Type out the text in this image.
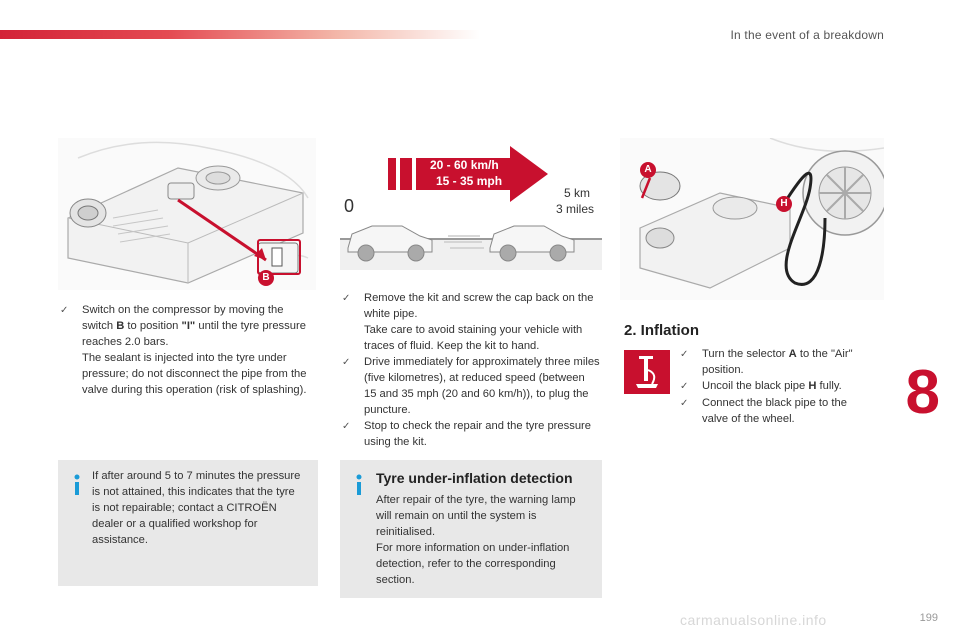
In the event of a breakdown
B
20 - 60 km/h
15 - 35 mph
0
5 km
3 miles
A
H
✓	Switch on the compressor by moving the switch B to position "I" until the tyre pressure reaches 2.0 bars.
The sealant is injected into the tyre under pressure; do not disconnect the pipe from the valve during this operation (risk of splashing).
If after around 5 to 7 minutes the pressure is not attained, this indicates that the tyre is not repairable; contact a CITROËN dealer or a qualified workshop for assistance.
✓	Remove the kit and screw the cap back on the white pipe.
Take care to avoid staining your vehicle with traces of fluid. Keep the kit to hand.
✓	Drive immediately for approximately three miles (five kilometres), at reduced speed (between 15 and 35 mph (20 and 60 km/h)), to plug the puncture.
✓	Stop to check the repair and the tyre pressure using the kit.
Tyre under-inflation detection
After repair of the tyre, the warning lamp will remain on until the system is reinitialised.
For more information on under-inflation detection, refer to the corresponding section.
2. Inflation
✓	Turn the selector A to the "Air" position.
✓	Uncoil the black pipe H fully.
✓	Connect the black pipe to the valve of the wheel.	8
carmanualsonline.info	199
